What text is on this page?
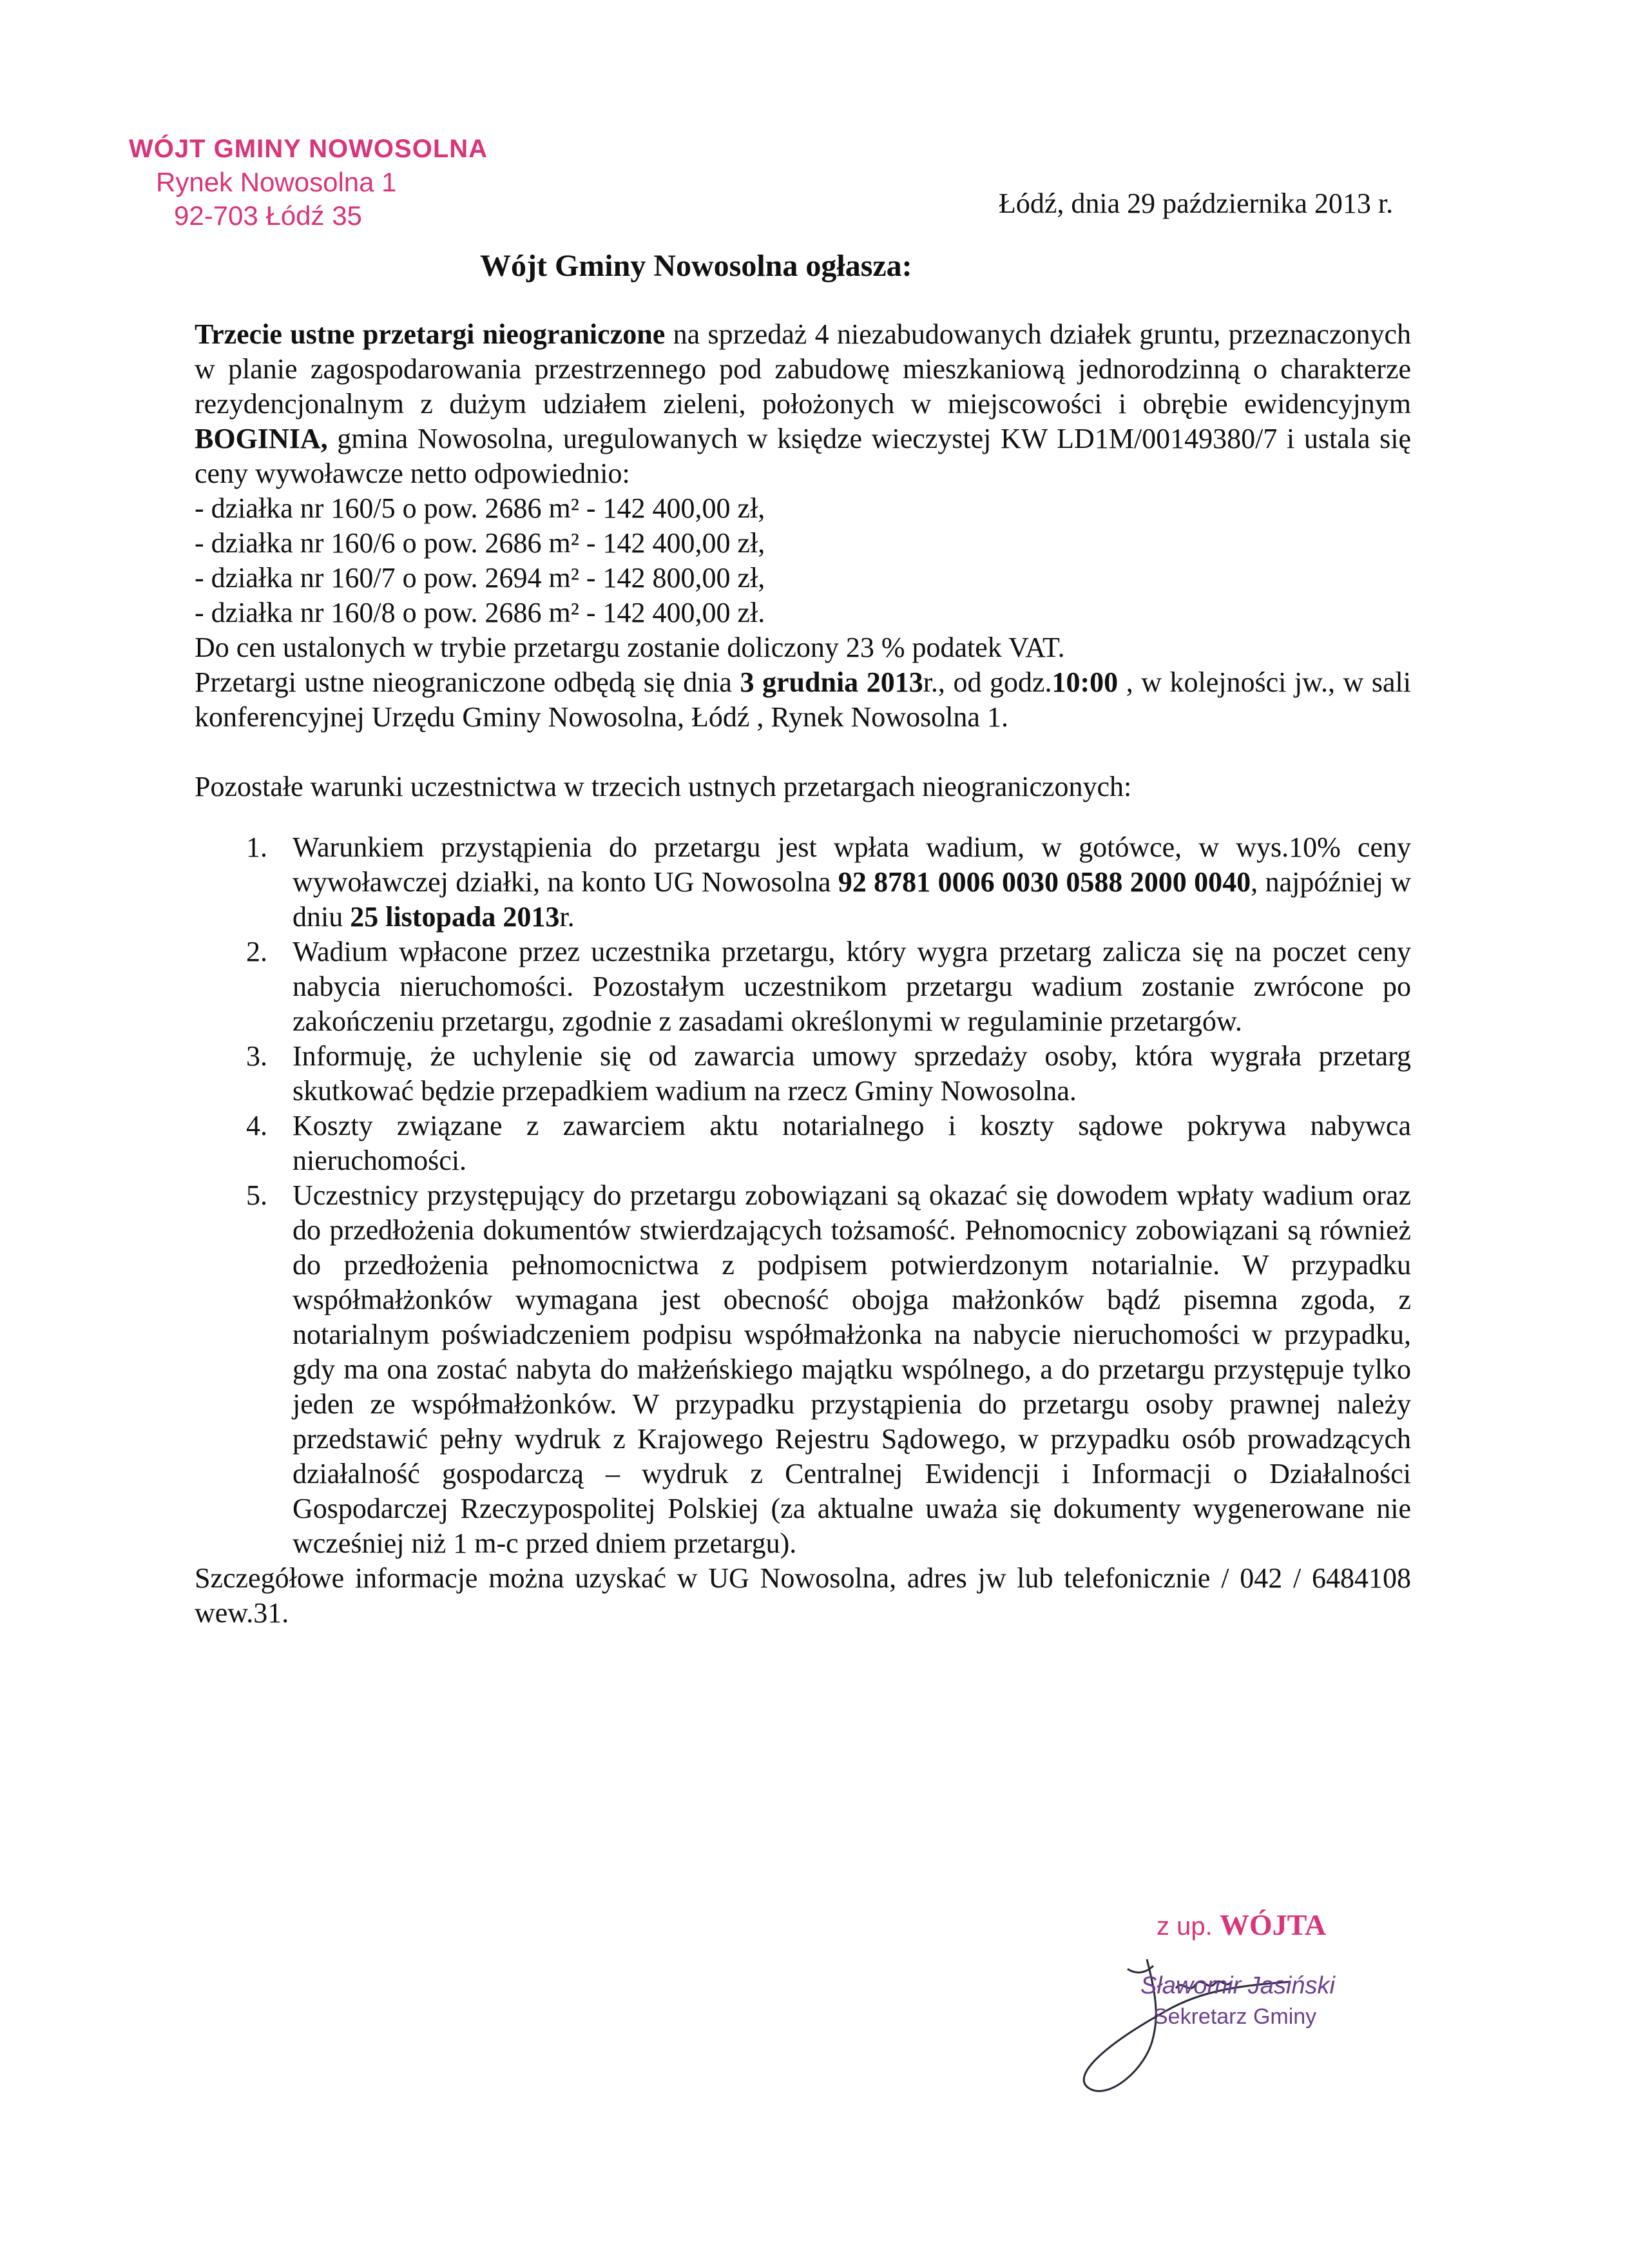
WÓJT GMINY NOWOSOLNA
Rynek Nowosolna 1
92-703 Łódź 35	Łódź, dnia 29 października 2013 r.
Wójt Gminy Nowosolna ogłasza:

Trzecie ustne przetargi nieograniczone na sprzedaż 4 niezabudowanych działek gruntu, przeznaczonych w planie zagospodarowania przestrzennego pod zabudowę mieszkaniową jednorodzinną o charakterze rezydencjonalnym z dużym udziałem zieleni, położonych w miejscowości i obrębie ewidencyjnym BOGINIA, gmina Nowosolna, uregulowanych w księdze wieczystej KW LD1M/00149380/7 i ustala się ceny wywoławcze netto odpowiednio:

- działka nr 160/5 o pow. 2686 m² - 142 400,00 zł,
- działka nr 160/6 o pow. 2686 m² - 142 400,00 zł,
- działka nr 160/7 o pow. 2694 m² - 142 800,00 zł,
- działka nr 160/8 o pow. 2686 m² - 142 400,00 zł.

Do cen ustalonych w trybie przetargu zostanie doliczony 23 % podatek VAT.

Przetargi ustne nieograniczone odbędą się dnia 3 grudnia 2013r., od godz.10:00 , w kolejności jw., w sali konferencyjnej Urzędu Gminy Nowosolna, Łódź , Rynek Nowosolna 1.

Pozostałe warunki uczestnictwa w trzecich ustnych przetargach nieograniczonych:

1. Warunkiem przystąpienia do przetargu jest wpłata wadium, w gotówce, w wys.10% ceny wywoławczej działki, na konto UG Nowosolna 92 8781 0006 0030 0588 2000 0040, najpóźniej w dniu 25 listopada 2013r.
2. Wadium wpłacone przez uczestnika przetargu, który wygra przetarg zalicza się na poczet ceny nabycia nieruchomości. Pozostałym uczestnikom przetargu wadium zostanie zwrócone po zakończeniu przetargu, zgodnie z zasadami określonymi w regulaminie przetargów.
3. Informuję, że uchylenie się od zawarcia umowy sprzedaży osoby, która wygrała przetarg skutkować będzie przepadkiem wadium na rzecz Gminy Nowosolna.
4. Koszty związane z zawarciem aktu notarialnego i koszty sądowe pokrywa nabywca nieruchomości.
5. Uczestnicy przystępujący do przetargu zobowiązani są okazać się dowodem wpłaty wadium oraz do przedłożenia dokumentów stwierdzających tożsamość. Pełnomocnicy zobowiązani są również do przedłożenia pełnomocnictwa z podpisem potwierdzonym notarialnie. W przypadku współmałżonków wymagana jest obecność obojga małżonków bądź pisemna zgoda, z notarialnym poświadczeniem podpisu współmałżonka na nabycie nieruchomości w przypadku, gdy ma ona zostać nabyta do małżeńskiego majątku wspólnego, a do przetargu przystępuje tylko jeden ze współmałżonków. W przypadku przystąpienia do przetargu osoby prawnej należy przedstawić pełny wydruk z Krajowego Rejestru Sądowego, w przypadku osób prowadzących działalność gospodarczą – wydruk z Centralnej Ewidencji i Informacji o Działalności Gospodarczej Rzeczypospolitej Polskiej (za aktualne uważa się dokumenty wygenerowane nie wcześniej niż 1 m-c przed dniem przetargu).

Szczegółowe informacje można uzyskać w UG Nowosolna, adres jw lub telefonicznie / 042 / 6484108 wew.31.

z up. WÓJTA
Sławomir Jasiński
Sekretarz Gminy
